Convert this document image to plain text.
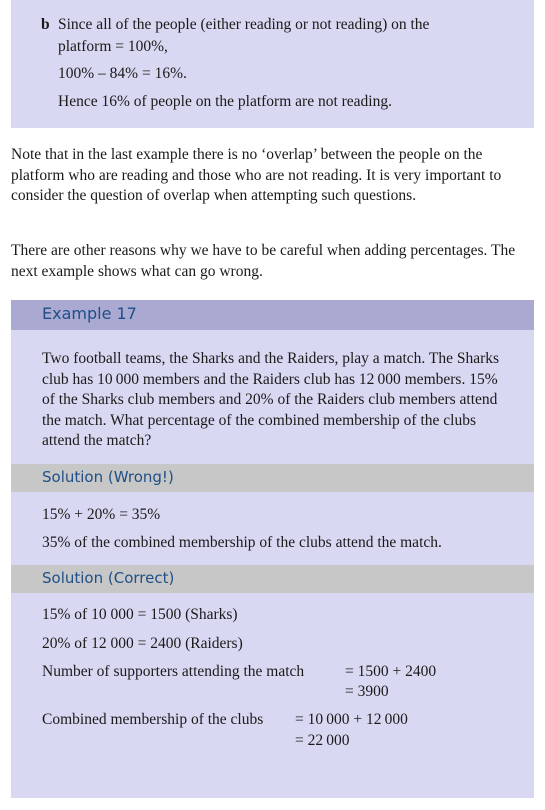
b Since all of the people (either reading or not reading) on the
platform = 100%,
100% – 84% = 16%.
Hence 16% of people on the platform are not reading.

Note that in the last example there is no ‘overlap’ between the people on the platform who are reading and those who are not reading. It is very important to consider the question of overlap when attempting such questions.

There are other reasons why we have to be careful when adding percentages. The next example shows what can go wrong.

Example 17

Two football teams, the Sharks and the Raiders, play a match. The Sharks club has 10 000 members and the Raiders club has 12 000 members. 15% of the Sharks club members and 20% of the Raiders club members attend the match. What percentage of the combined membership of the clubs attend the match?

Solution (Wrong!)
15% + 20% = 35%
35% of the combined membership of the clubs attend the match.
Solution (Correct)
15% of 10 000 = 1500 (Sharks)
20% of 12 000 = 2400 (Raiders)
Number of supporters attending the match	= 1500 + 2400
= 3900
Combined membership of the clubs = 10 000 + 12 000
= 22 000
